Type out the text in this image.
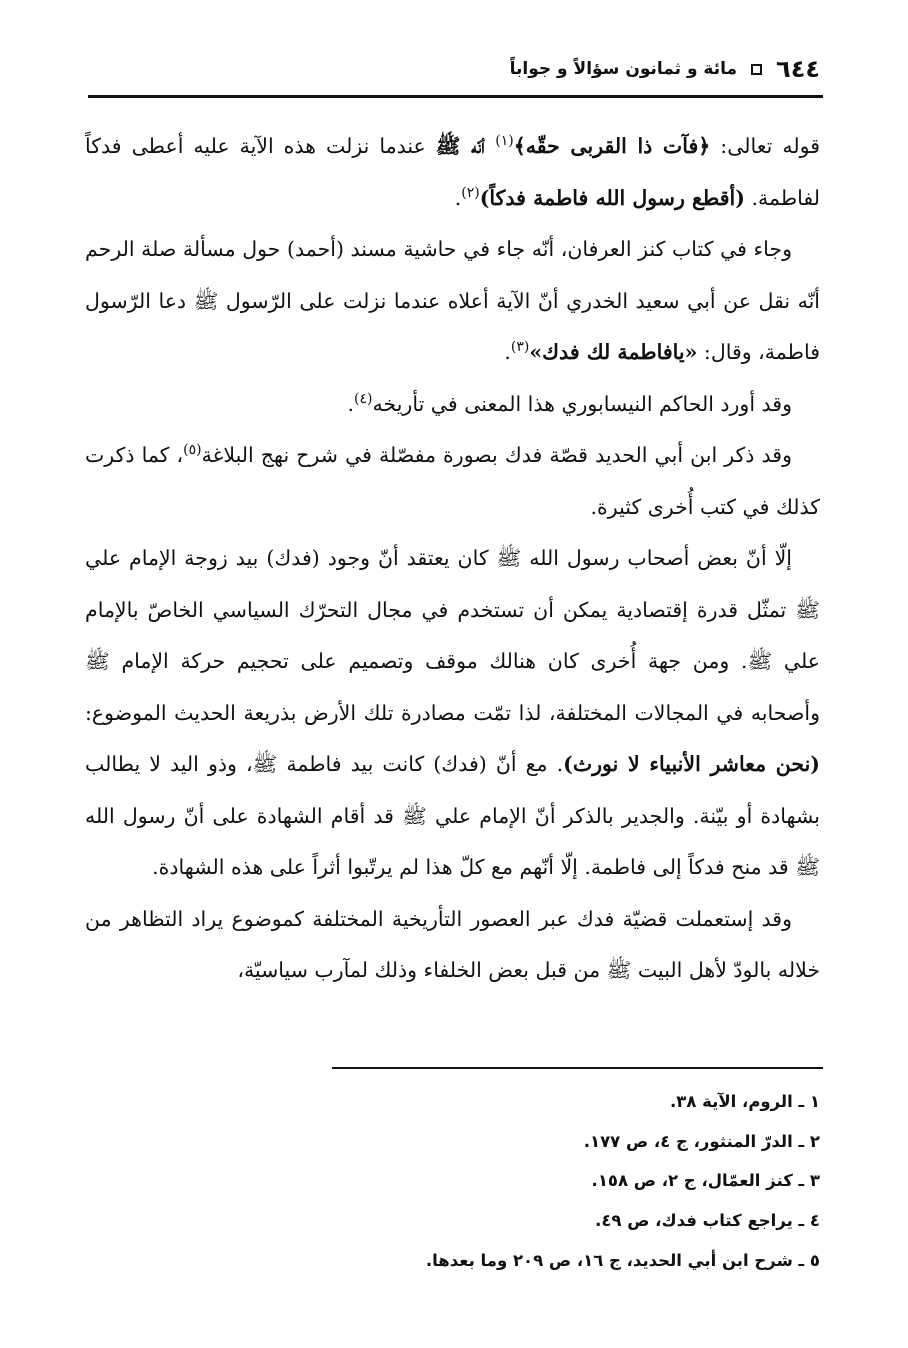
٦٤٤
مائة و ثمانون سؤالاً و جواباً

قوله تعالى: ﴿فآت ذا القربى حقّه﴾$^{(١)}$ أنّه ﷺ عندما نزلت هذه الآية عليه أعطى فدكاً لفاطمة. (أقطع رسول الله فاطمة فدكاً)$^{(٢)}$.

وجاء في كتاب كنز العرفان، أنّه جاء في حاشية مسند (أحمد) حول مسألة صلة الرحم أنّه نقل عن أبي سعيد الخدري أنّ الآية أعلاه عندما نزلت على الرّسول ﷺ دعا الرّسول فاطمة، وقال: «يافاطمة لك فدك»$^{(٣)}$.

وقد أورد الحاكم النيسابوري هذا المعنى في تأريخه$^{(٤)}$.

وقد ذكر ابن أبي الحديد قصّة فدك بصورة مفصّلة في شرح نهج البلاغة$^{(٥)}$، كما ذكرت كذلك في كتب أُخرى كثيرة.

إلّا أنّ بعض أصحاب رسول الله ﷺ كان يعتقد أنّ وجود (فدك) بيد زوجة الإمام علي ﷺ تمثّل قدرة إقتصادية يمكن أن تستخدم في مجال التحرّك السياسي الخاصّ بالإمام علي ﷺ. ومن جهة أُخرى كان هنالك موقف وتصميم على تحجيم حركة الإمام ﷺ وأصحابه في المجالات المختلفة، لذا تمّت مصادرة تلك الأرض بذريعة الحديث الموضوع: (نحن معاشر الأنبياء لا نورث). مع أنّ (فدك) كانت بيد فاطمة ﷺ، وذو اليد لا يطالب بشهادة أو بيّنة. والجدير بالذكر أنّ الإمام علي ﷺ قد أقام الشهادة على أنّ رسول الله ﷺ قد منح فدكاً إلى فاطمة. إلّا أنّهم مع كلّ هذا لم يرتّبوا أثراً على هذه الشهادة.

وقد إستعملت قضيّة فدك عبر العصور التأريخية المختلفة كموضوع يراد التظاهر من خلاله بالودّ لأهل البيت ﷺ من قبل بعض الخلفاء وذلك لمآرب سياسيّة،

١ ـ الروم، الآية ٣٨.
٢ ـ الدرّ المنثور، ج ٤، ص ١٧٧.
٣ ـ كنز العمّال، ج ٢، ص ١٥٨.
٤ ـ يراجع كتاب فدك، ص ٤٩.
٥ ـ شرح ابن أبي الحديد، ج ١٦، ص ٢٠٩ وما بعدها.
